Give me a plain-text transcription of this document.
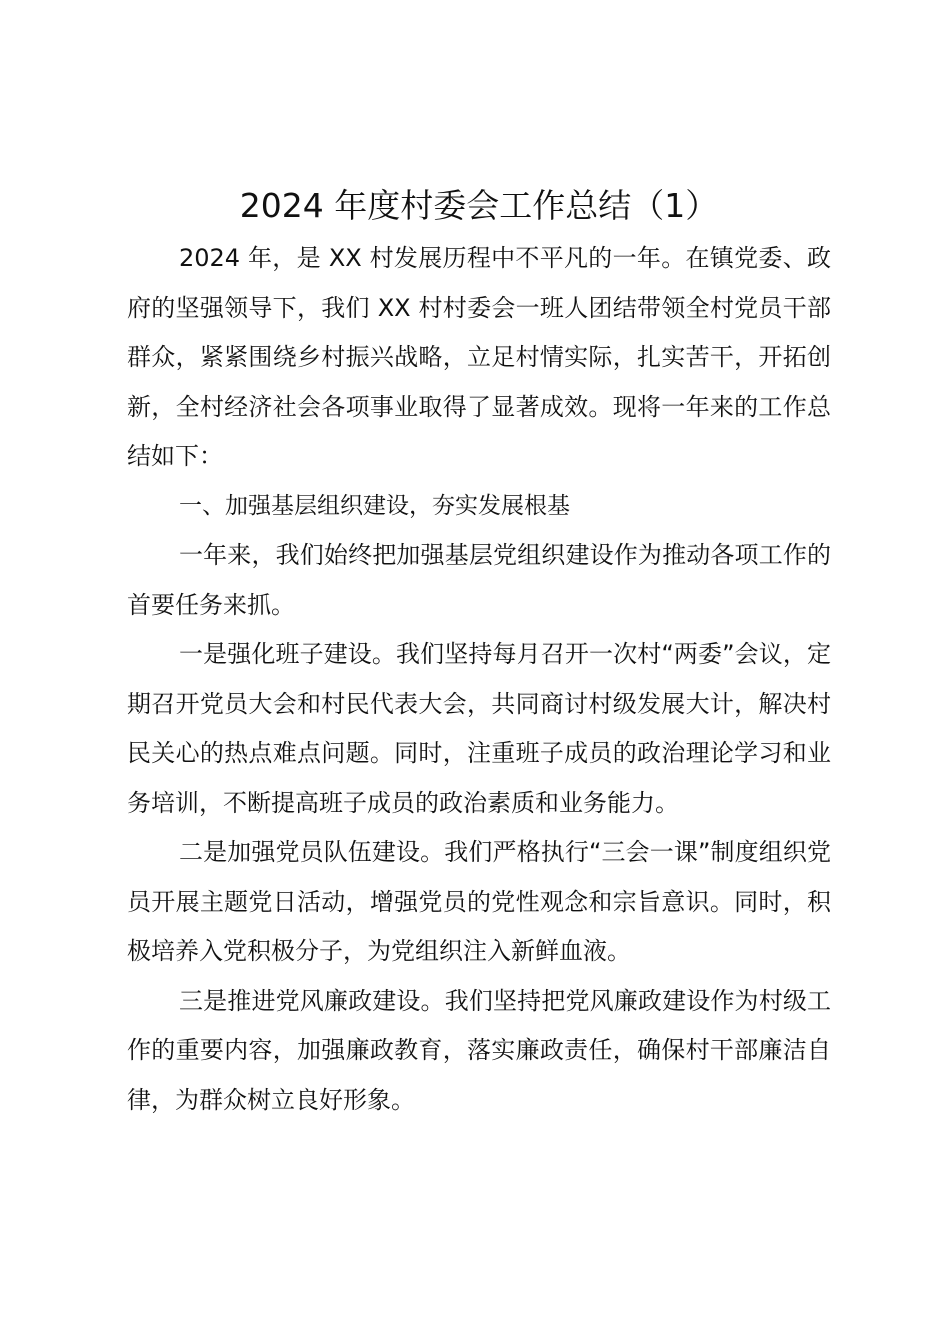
2024 年度村委会工作总结（1）

2024 年，是 XX 村发展历程中不平凡的一年。在镇党委、政府的坚强领导下，我们 XX 村村委会一班人团结带领全村党员干部群众，紧紧围绕乡村振兴战略，立足村情实际，扎实苦干，开拓创新，全村经济社会各项事业取得了显著成效。现将一年来的工作总结如下：

一、加强基层组织建设，夯实发展根基

一年来，我们始终把加强基层党组织建设作为推动各项工作的首要任务来抓。

一是强化班子建设。我们坚持每月召开一次村“两委”会议，定期召开党员大会和村民代表大会，共同商讨村级发展大计，解决村民关心的热点难点问题。同时，注重班子成员的政治理论学习和业务培训，不断提高班子成员的政治素质和业务能力。

二是加强党员队伍建设。我们严格执行“三会一课”制度组织党员开展主题党日活动，增强党员的党性观念和宗旨意识。同时，积极培养入党积极分子，为党组织注入新鲜血液。

三是推进党风廉政建设。我们坚持把党风廉政建设作为村级工作的重要内容，加强廉政教育，落实廉政责任，确保村干部廉洁自律，为群众树立良好形象。
